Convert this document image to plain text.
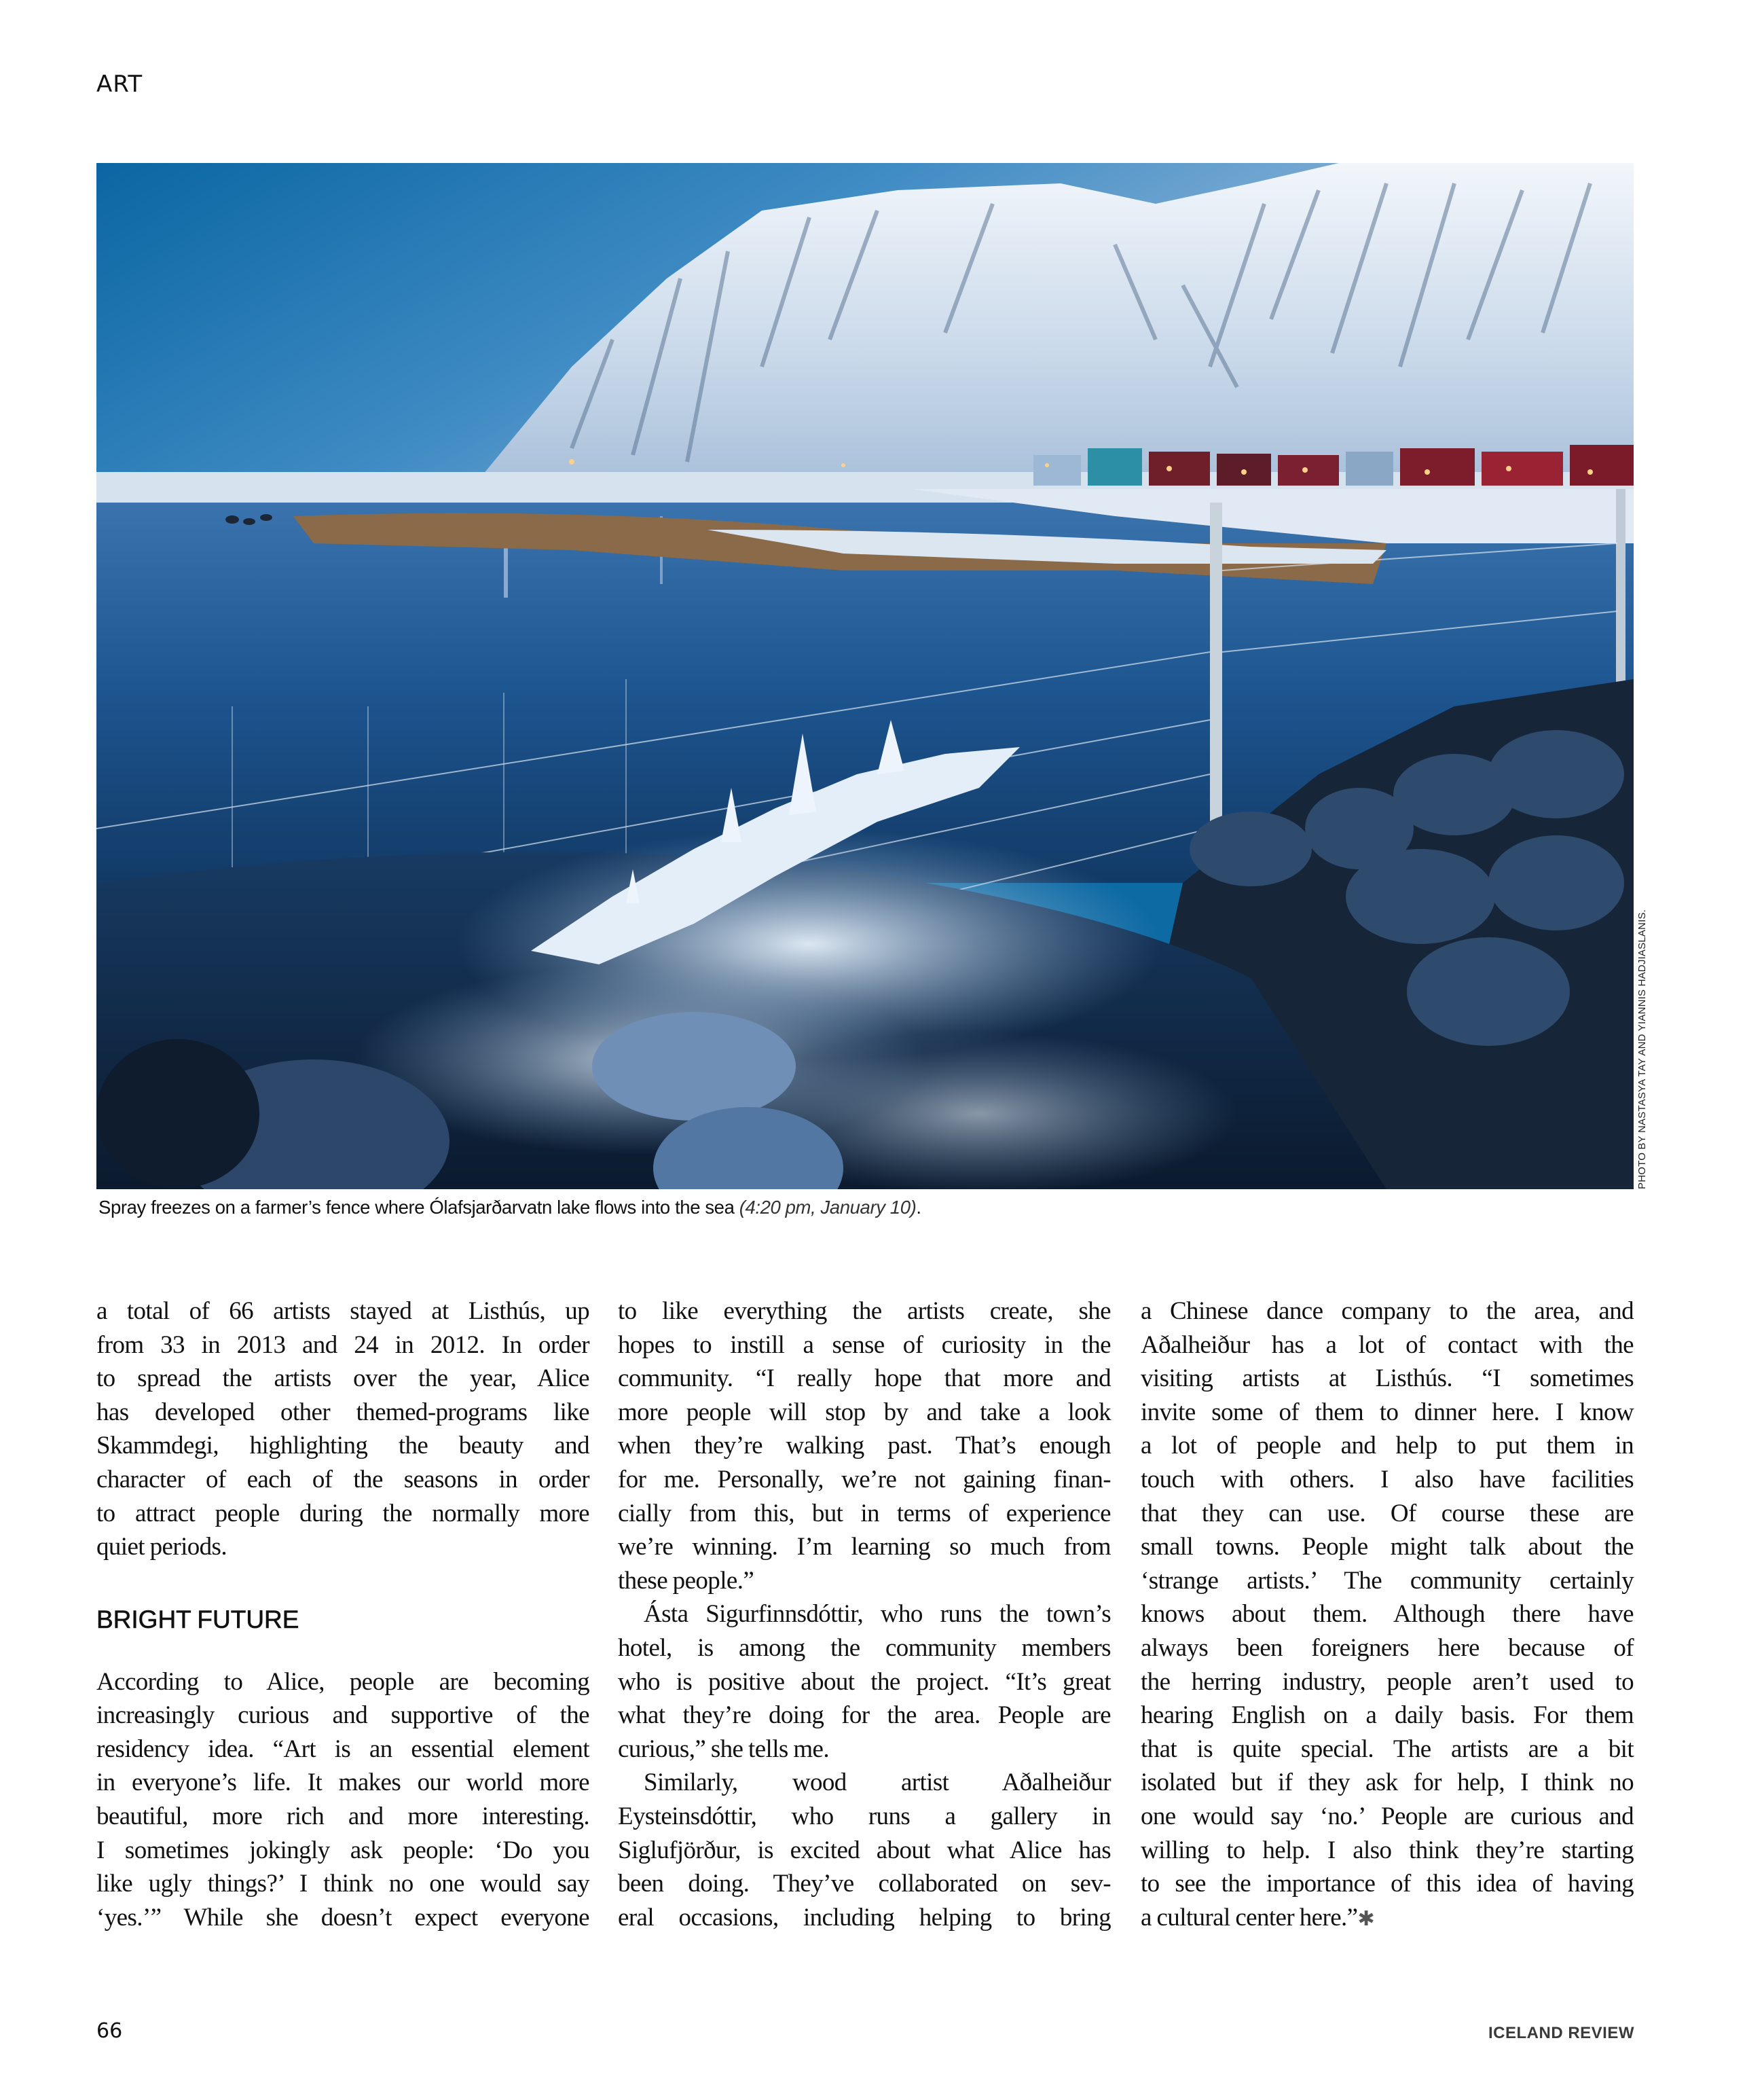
ART
PHOTO BY NASTASYA TAY AND YIANNIS HADJIASLANIS.
Spray freezes on a farmer’s fence where Ólafsjarðarvatn lake flows into the sea (4:20 pm, January 10).
a total of 66 artists stayed at Listhús, up
from 33 in 2013 and 24 in 2012. In order
to spread the artists over the year, Alice
has developed other themed-programs like
Skammdegi, highlighting the beauty and
character of each of the seasons in order
to attract people during the normally more
quiet periods.

BRIGHT FUTURE

According to Alice, people are becoming
increasingly curious and supportive of the
residency idea. “Art is an essential element
in everyone’s life. It makes our world more
beautiful, more rich and more interesting.
I sometimes jokingly ask people: ‘Do you
like ugly things?’ I think no one would say
‘yes.’” While she doesn’t expect everyone
to like everything the artists create, she
hopes to instill a sense of curiosity in the
community. “I really hope that more and
more people will stop by and take a look
when they’re walking past. That’s enough
for me. Personally, we’re not gaining finan-
cially from this, but in terms of experience
we’re winning. I’m learning so much from
these people.”
Ásta Sigurfinnsdóttir, who runs the town’s
hotel, is among the community members
who is positive about the project. “It’s great
what they’re doing for the area. People are
curious,” she tells me.
Similarly, wood artist Aðalheiður
Eysteinsdóttir, who runs a gallery in
Siglufjörður, is excited about what Alice has
been doing. They’ve collaborated on sev-
eral occasions, including helping to bring
a Chinese dance company to the area, and
Aðalheiður has a lot of contact with the
visiting artists at Listhús. “I sometimes
invite some of them to dinner here. I know
a lot of people and help to put them in
touch with others. I also have facilities
that they can use. Of course these are
small towns. People might talk about the
‘strange artists.’ The community certainly
knows about them. Although there have
always been foreigners here because of
the herring industry, people aren’t used to
hearing English on a daily basis. For them
that is quite special. The artists are a bit
isolated but if they ask for help, I think no
one would say ‘no.’ People are curious and
willing to help. I also think they’re starting
to see the importance of this idea of having
a cultural center here.”✱
66	ICELAND REVIEW
